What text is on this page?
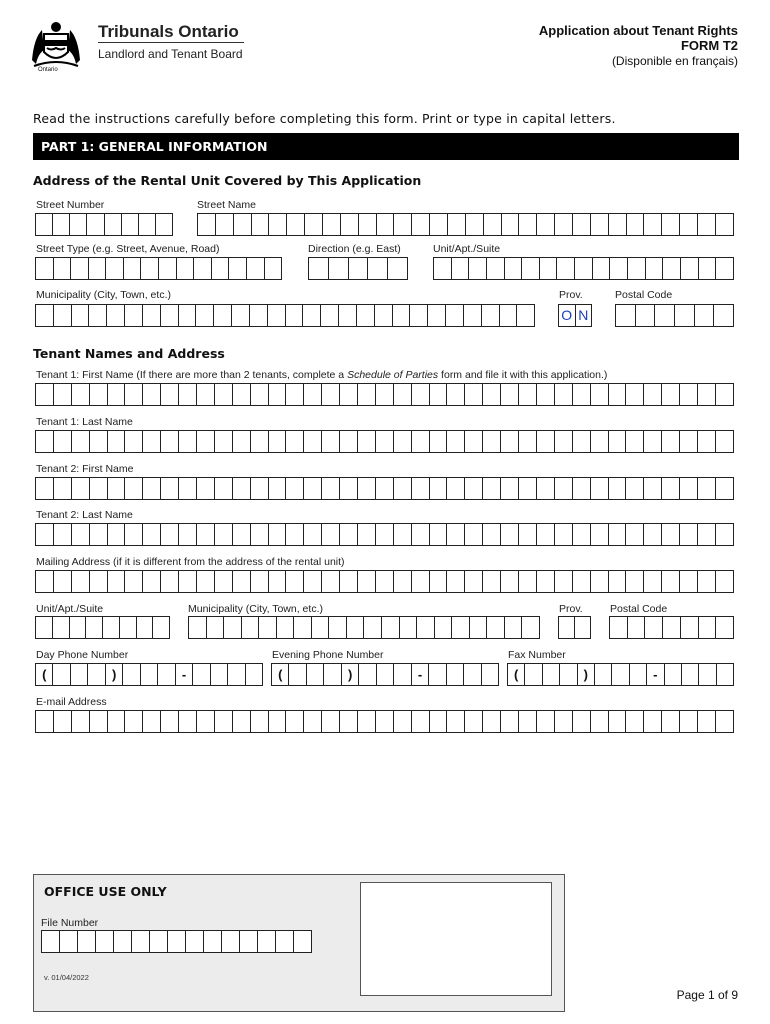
Ontario
Tribunals Ontario
Landlord and Tenant Board
Application about Tenant Rights
FORM T2
(Disponible en français)
Read the instructions carefully before completing this form. Print or type in capital letters.
PART 1: GENERAL INFORMATION
Address of the Rental Unit Covered by This Application
Street Number	Street Name
Street Type (e.g. Street, Avenue, Road)	Direction (e.g. East)	Unit/Apt./Suite
Municipality (City, Town, etc.)	Prov.	Postal Code
O N
Tenant Names and Address
Tenant 1: First Name (If there are more than 2 tenants, complete a Schedule of Parties form and file it with this application.)
Tenant 1: Last Name
Tenant 2: First Name
Tenant 2: Last Name
Mailing Address (if it is different from the address of the rental unit)
Unit/Apt./Suite	Municipality (City, Town, etc.)	Prov.	Postal Code
Day Phone Number	Evening Phone Number	Fax Number
(	)	-	(	)	-	(	)	-
E-mail Address
OFFICE USE ONLY
File Number
v. 01/04/2022
Page 1 of 9
